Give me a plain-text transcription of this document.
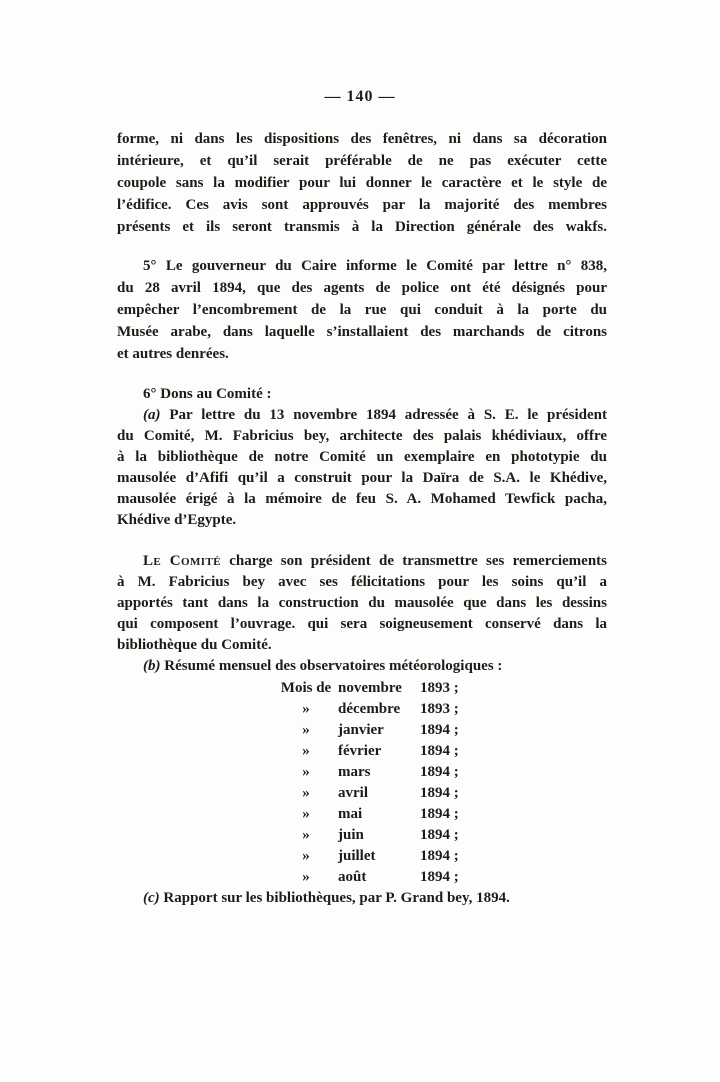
— 140 —
forme, ni dans les dispositions des fenêtres, ni dans sa décoration
intérieure, et qu’il serait préférable de ne pas exécuter cette
coupole sans la modifier pour lui donner le caractère et le style de
l’édifice. Ces avis sont approuvés par la majorité des membres
présents et ils seront transmis à la Direction générale des wakfs.
5° Le gouverneur du Caire informe le Comité par lettre n° 838,
du 28 avril 1894, que des agents de police ont été désignés pour
empêcher l’encombrement de la rue qui conduit à la porte du
Musée arabe, dans laquelle s’installaient des marchands de citrons
et autres denrées.
6° Dons au Comité :
(a) Par lettre du 13 novembre 1894 adressée à S. E. le président
du Comité, M. Fabricius bey, architecte des palais khédiviaux, offre
à la bibliothèque de notre Comité un exemplaire en phototypie du
mausolée d’Afifi qu’il a construit pour la Daïra de S.A. le Khédive,
mausolée érigé à la mémoire de feu S. A. Mohamed Tewfick pacha,
Khédive d’Egypte.
Le Comité charge son président de transmettre ses remerciements
à M. Fabricius bey avec ses félicitations pour les soins qu’il a
apportés tant dans la construction du mausolée que dans les dessins
qui composent l’ouvrage. qui sera soigneusement conservé dans la
bibliothèque du Comité.
(b) Résumé mensuel des observatoires météorologiques :
Mois de novembre	1893 ;
»	décembre	1893 ;
»	janvier	1894 ;
»	février	1894 ;
»	mars	1894 ;
»	avril	1894 ;
»	mai	1894 ;
»	juin	1894 ;
»	juillet	1894 ;
»	août	1894 ;
(c) Rapport sur les bibliothèques, par P. Grand bey, 1894.
